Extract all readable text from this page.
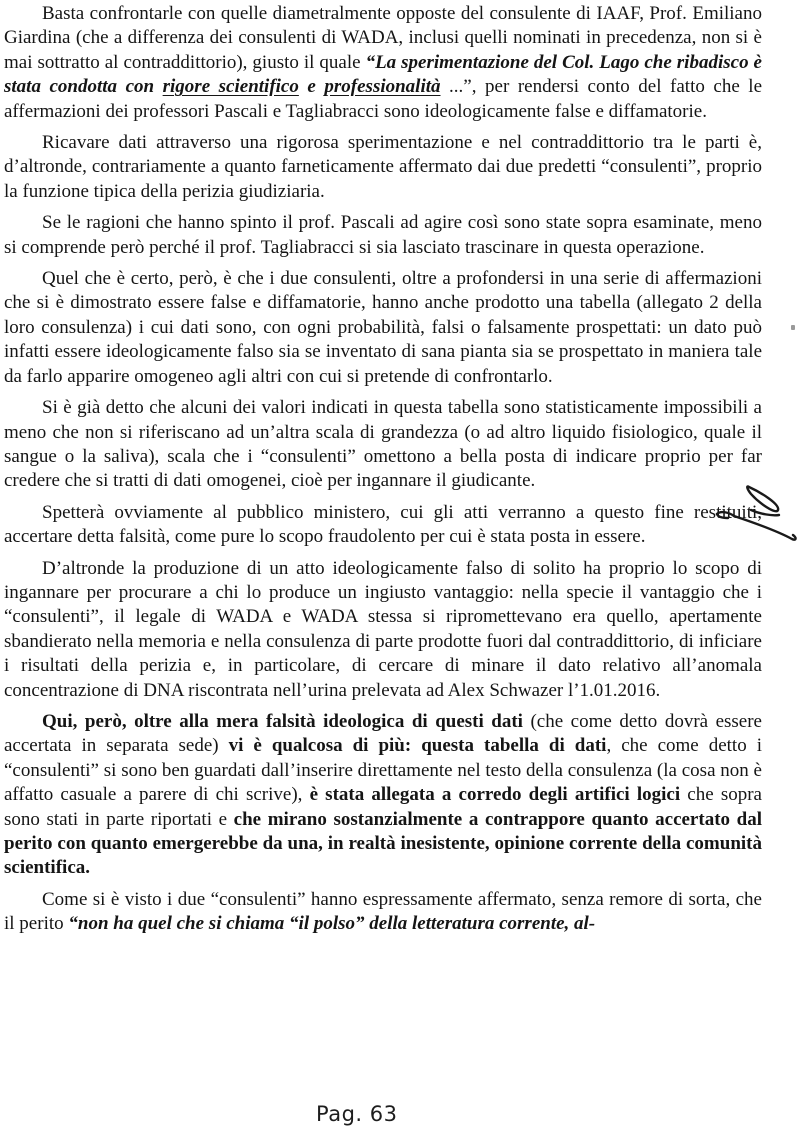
Basta confrontarle con quelle diametralmente opposte del consulente di IAAF, Prof. Emiliano Giardina (che a differenza dei consulenti di WADA, inclusi quelli nominati in precedenza, non si è mai sottratto al contraddittorio), giusto il quale “La sperimentazione del Col. Lago che ribadisco è stata condotta con rigore scientifico e professionalità ...”, per rendersi conto del fatto che le affermazioni dei professori Pascali e Tagliabracci sono ideologicamente false e diffamatorie.

Ricavare dati attraverso una rigorosa sperimentazione e nel contraddittorio tra le parti è, d’altronde, contrariamente a quanto farneticamente affermato dai due predetti “consulenti”, proprio la funzione tipica della perizia giudiziaria.

Se le ragioni che hanno spinto il prof. Pascali ad agire così sono state sopra esaminate, meno si comprende però perché il prof. Tagliabracci si sia lasciato trascinare in questa operazione.

Quel che è certo, però, è che i due consulenti, oltre a profondersi in una serie di affermazioni che si è dimostrato essere false e diffamatorie, hanno anche prodotto una tabella (allegato 2 della loro consulenza) i cui dati sono, con ogni probabilità, falsi o falsamente prospettati: un dato può infatti essere ideologicamente falso sia se inventato di sana pianta sia se prospettato in maniera tale da farlo apparire omogeneo agli altri con cui si pretende di confrontarlo.

Si è già detto che alcuni dei valori indicati in questa tabella sono statisticamente impossibili a meno che non si riferiscano ad un’altra scala di grandezza (o ad altro liquido fisiologico, quale il sangue o la saliva), scala che i “consulenti” omettono a bella posta di indicare proprio per far credere che si tratti di dati omogenei, cioè per ingannare il giudicante.

Spetterà ovviamente al pubblico ministero, cui gli atti verranno a questo fine restituiti, accertare detta falsità, come pure lo scopo fraudolento per cui è stata posta in essere.

D’altronde la produzione di un atto ideologicamente falso di solito ha proprio lo scopo di ingannare per procurare a chi lo produce un ingiusto vantaggio: nella specie il vantaggio che i “consulenti”, il legale di WADA e WADA stessa si ripromettevano era quello, apertamente sbandierato nella memoria e nella consulenza di parte prodotte fuori dal contraddittorio, di inficiare i risultati della perizia e, in particolare, di cercare di minare il dato relativo all’anomala concentrazione di DNA riscontrata nell’urina prelevata ad Alex Schwazer l’1.01.2016.

Qui, però, oltre alla mera falsità ideologica di questi dati (che come detto dovrà essere accertata in separata sede) vi è qualcosa di più: questa tabella di dati, che come detto i “consulenti” si sono ben guardati dall’inserire direttamente nel testo della consulenza (la cosa non è affatto casuale a parere di chi scrive), è stata allegata a corredo degli artifici logici che sopra sono stati in parte riportati e che mirano sostanzialmente a contrappore quanto accertato dal perito con quanto emergerebbe da una, in realtà inesistente, opinione corrente della comunità scientifica.

Come si è visto i due “consulenti” hanno espressamente affermato, senza remore di sorta, che il perito “non ha quel che si chiama “il polso” della letteratura corrente, al-

Pag. 63
